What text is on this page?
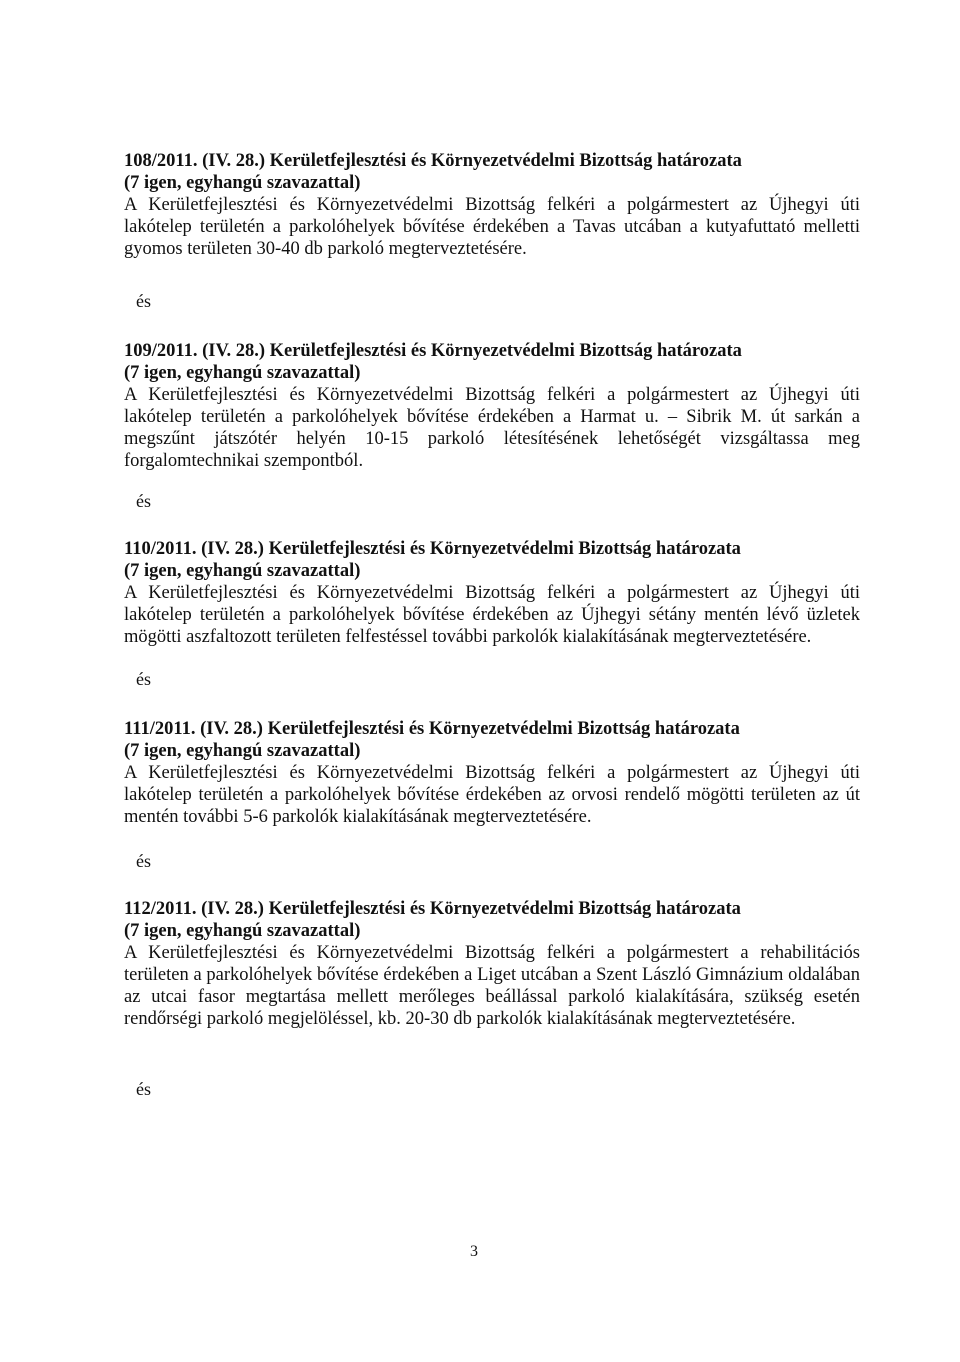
108/2011. (IV. 28.) Kerületfejlesztési és Környezetvédelmi Bizottság határozata

(7 igen, egyhangú szavazattal)

A Kerületfejlesztési és Környezetvédelmi Bizottság felkéri a polgármestert az Újhegyi úti lakótelep területén a parkolóhelyek bővítése érdekében a Tavas utcában a kutyafuttató melletti gyomos területen 30-40 db parkoló megterveztetésére.

és

109/2011. (IV. 28.) Kerületfejlesztési és Környezetvédelmi Bizottság határozata

(7 igen, egyhangú szavazattal)

A Kerületfejlesztési és Környezetvédelmi Bizottság felkéri a polgármestert az Újhegyi úti lakótelep területén a parkolóhelyek bővítése érdekében a Harmat u. – Sibrik M. út sarkán a megszűnt játszótér helyén 10-15 parkoló létesítésének lehetőségét vizsgáltassa meg forgalomtechnikai szempontból.

és

110/2011. (IV. 28.) Kerületfejlesztési és Környezetvédelmi Bizottság határozata

(7 igen, egyhangú szavazattal)

A Kerületfejlesztési és Környezetvédelmi Bizottság felkéri a polgármestert az Újhegyi úti lakótelep területén a parkolóhelyek bővítése érdekében az Újhegyi sétány mentén lévő üzletek mögötti aszfaltozott területen felfestéssel további parkolók kialakításának megterveztetésére.

és

111/2011. (IV. 28.) Kerületfejlesztési és Környezetvédelmi Bizottság határozata

(7 igen, egyhangú szavazattal)

A Kerületfejlesztési és Környezetvédelmi Bizottság felkéri a polgármestert az Újhegyi úti lakótelep területén a parkolóhelyek bővítése érdekében az orvosi rendelő mögötti területen az út mentén további 5-6 parkolók kialakításának megterveztetésére.

és

112/2011. (IV. 28.) Kerületfejlesztési és Környezetvédelmi Bizottság határozata

(7 igen, egyhangú szavazattal)

A Kerületfejlesztési és Környezetvédelmi Bizottság felkéri a polgármestert a rehabilitációs területen a parkolóhelyek bővítése érdekében a Liget utcában a Szent László Gimnázium oldalában az utcai fasor megtartása mellett merőleges beállással parkoló kialakítására, szükség esetén rendőrségi parkoló megjelöléssel, kb. 20-30 db parkolók kialakításának megterveztetésére.

és
3
